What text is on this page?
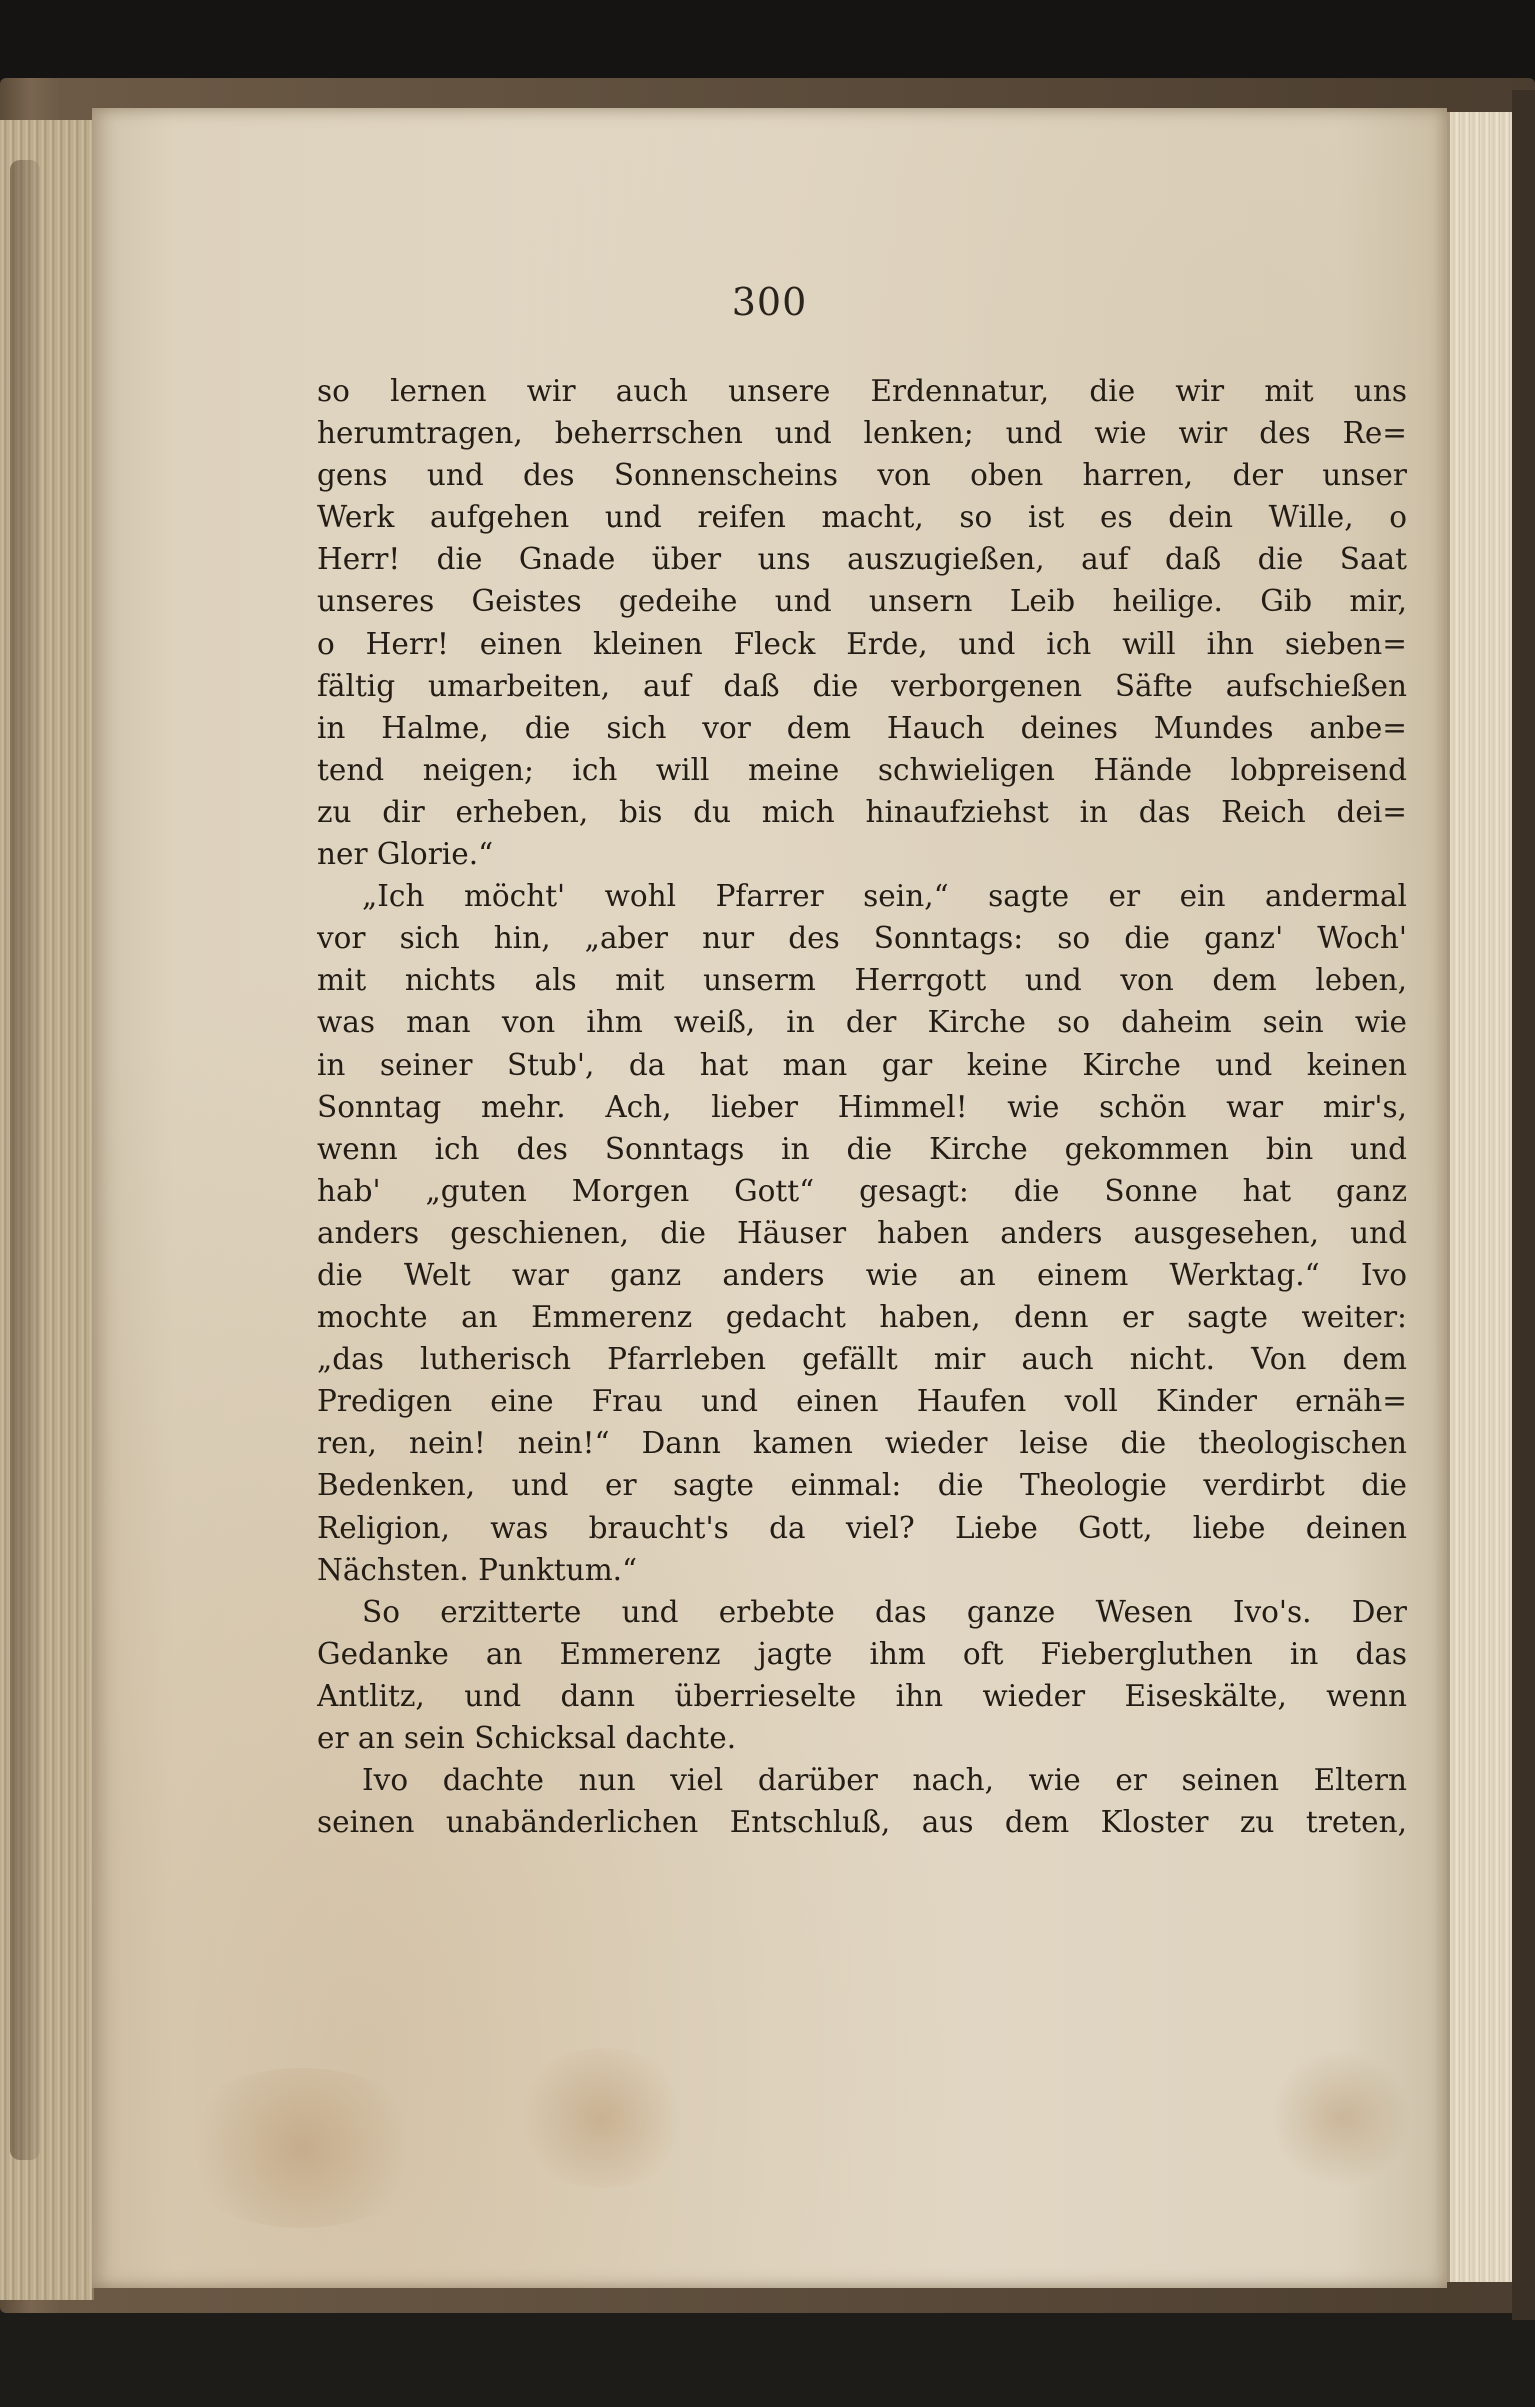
300
so lernen wir auch unsere Erdennatur, die wir mit uns
herumtragen, beherrschen und lenken; und wie wir des Re=
gens und des Sonnenscheins von oben harren, der unser
Werk aufgehen und reifen macht, so ist es dein Wille, o
Herr! die Gnade über uns auszugießen, auf daß die Saat
unseres Geistes gedeihe und unsern Leib heilige. Gib mir,
o Herr! einen kleinen Fleck Erde, und ich will ihn sieben=
fältig umarbeiten, auf daß die verborgenen Säfte aufschießen
in Halme, die sich vor dem Hauch deines Mundes anbe=
tend neigen; ich will meine schwieligen Hände lobpreisend
zu dir erheben, bis du mich hinaufziehst in das Reich dei=
ner Glorie.“
„Ich möcht' wohl Pfarrer sein,“ sagte er ein andermal
vor sich hin, „aber nur des Sonntags: so die ganz' Woch'
mit nichts als mit unserm Herrgott und von dem leben,
was man von ihm weiß, in der Kirche so daheim sein wie
in seiner Stub', da hat man gar keine Kirche und keinen
Sonntag mehr. Ach, lieber Himmel! wie schön war mir's,
wenn ich des Sonntags in die Kirche gekommen bin und
hab' „guten Morgen Gott“ gesagt: die Sonne hat ganz
anders geschienen, die Häuser haben anders ausgesehen, und
die Welt war ganz anders wie an einem Werktag.“ Ivo
mochte an Emmerenz gedacht haben, denn er sagte weiter:
„das lutherisch Pfarrleben gefällt mir auch nicht. Von dem
Predigen eine Frau und einen Haufen voll Kinder ernäh=
ren, nein! nein!“ Dann kamen wieder leise die theologischen
Bedenken, und er sagte einmal: die Theologie verdirbt die
Religion, was braucht's da viel? Liebe Gott, liebe deinen
Nächsten. Punktum.“
So erzitterte und erbebte das ganze Wesen Ivo's. Der
Gedanke an Emmerenz jagte ihm oft Fiebergluthen in das
Antlitz, und dann überrieselte ihn wieder Eiseskälte, wenn
er an sein Schicksal dachte.
Ivo dachte nun viel darüber nach, wie er seinen Eltern
seinen unabänderlichen Entschluß, aus dem Kloster zu treten,
